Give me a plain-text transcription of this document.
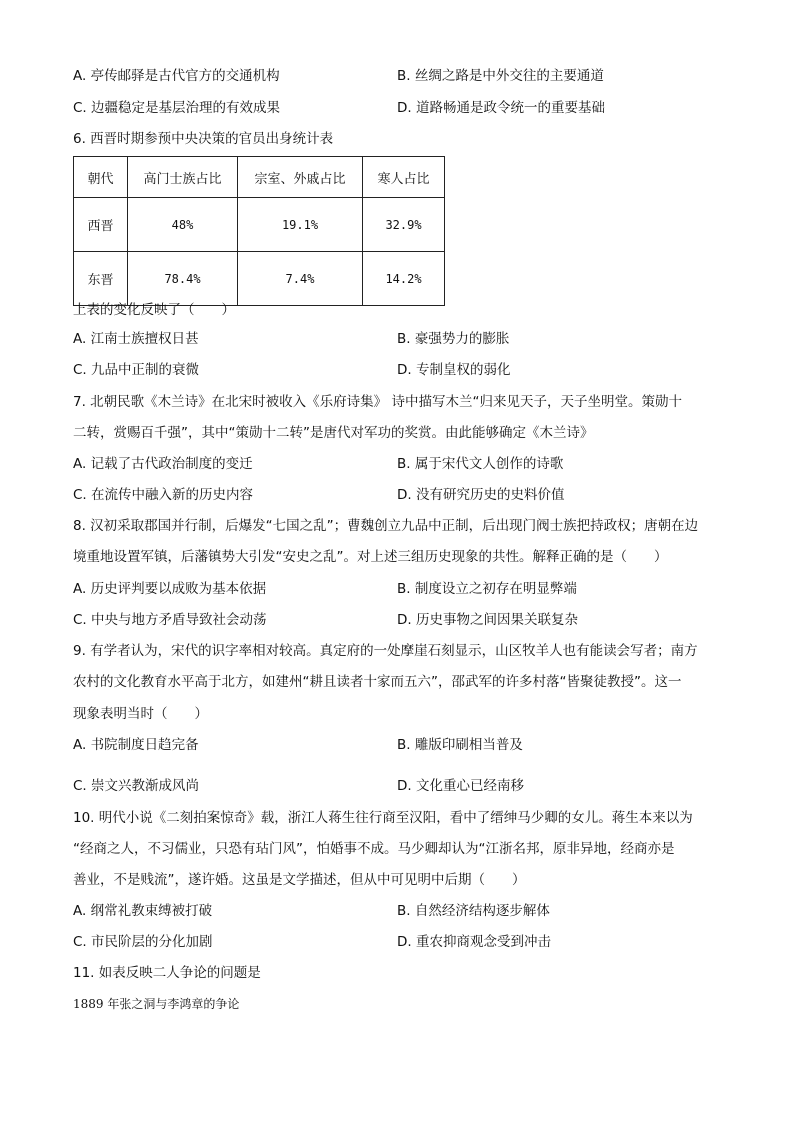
A. 亭传邮驿是古代官方的交通机构	B. 丝绸之路是中外交往的主要通道
C. 边疆稳定是基层治理的有效成果	D. 道路畅通是政令统一的重要基础
6. 西晋时期参预中央决策的官员出身统计表
朝代	高门士族占比	宗室、外戚占比	寒人占比
西晋	48%	19.1%	32.9%
东晋	78.4%	7.4%	14.2%
上表的变化反映了（　　）
A. 江南士族擅权日甚	B. 豪强势力的膨胀
C. 九品中正制的衰微	D. 专制皇权的弱化
7. 北朝民歌《木兰诗》在北宋时被收入《乐府诗集》 诗中描写木兰“归来见天子，天子坐明堂。策勋十
二转，赏赐百千强”，其中“策勋十二转”是唐代对军功的奖赏。由此能够确定《木兰诗》
A. 记载了古代政治制度的变迁	B. 属于宋代文人创作的诗歌
C. 在流传中融入新的历史内容	D. 没有研究历史的史料价值
8. 汉初采取郡国并行制，后爆发“七国之乱”；曹魏创立九品中正制，后出现门阀士族把持政权；唐朝在边
境重地设置军镇，后藩镇势大引发“安史之乱”。对上述三组历史现象的共性。解释正确的是（　　）
A. 历史评判要以成败为基本依据	B. 制度设立之初存在明显弊端
C. 中央与地方矛盾导致社会动荡	D. 历史事物之间因果关联复杂
9. 有学者认为，宋代的识字率相对较高。真定府的一处摩崖石刻显示，山区牧羊人也有能读会写者；南方
农村的文化教育水平高于北方，如建州“耕且读者十家而五六”，邵武军的许多村落“皆聚徒教授”。这一
现象表明当时（　　）
A. 书院制度日趋完备	B. 雕版印刷相当普及
C. 崇文兴教渐成风尚	D. 文化重心已经南移
10. 明代小说《二刻拍案惊奇》载，浙江人蒋生往行商至汉阳，看中了缙绅马少卿的女儿。蒋生本来以为
“经商之人，不习儒业，只恐有玷门风”，怕婚事不成。马少卿却认为“江浙名邦，原非异地，经商亦是
善业，不是贱流”，遂许婚。这虽是文学描述，但从中可见明中后期（　　）
A. 纲常礼教束缚被打破	B. 自然经济结构逐步解体
C. 市民阶层的分化加剧	D. 重农抑商观念受到冲击
11. 如表反映二人争论的问题是
1889 年张之洞与李鸿章的争论
